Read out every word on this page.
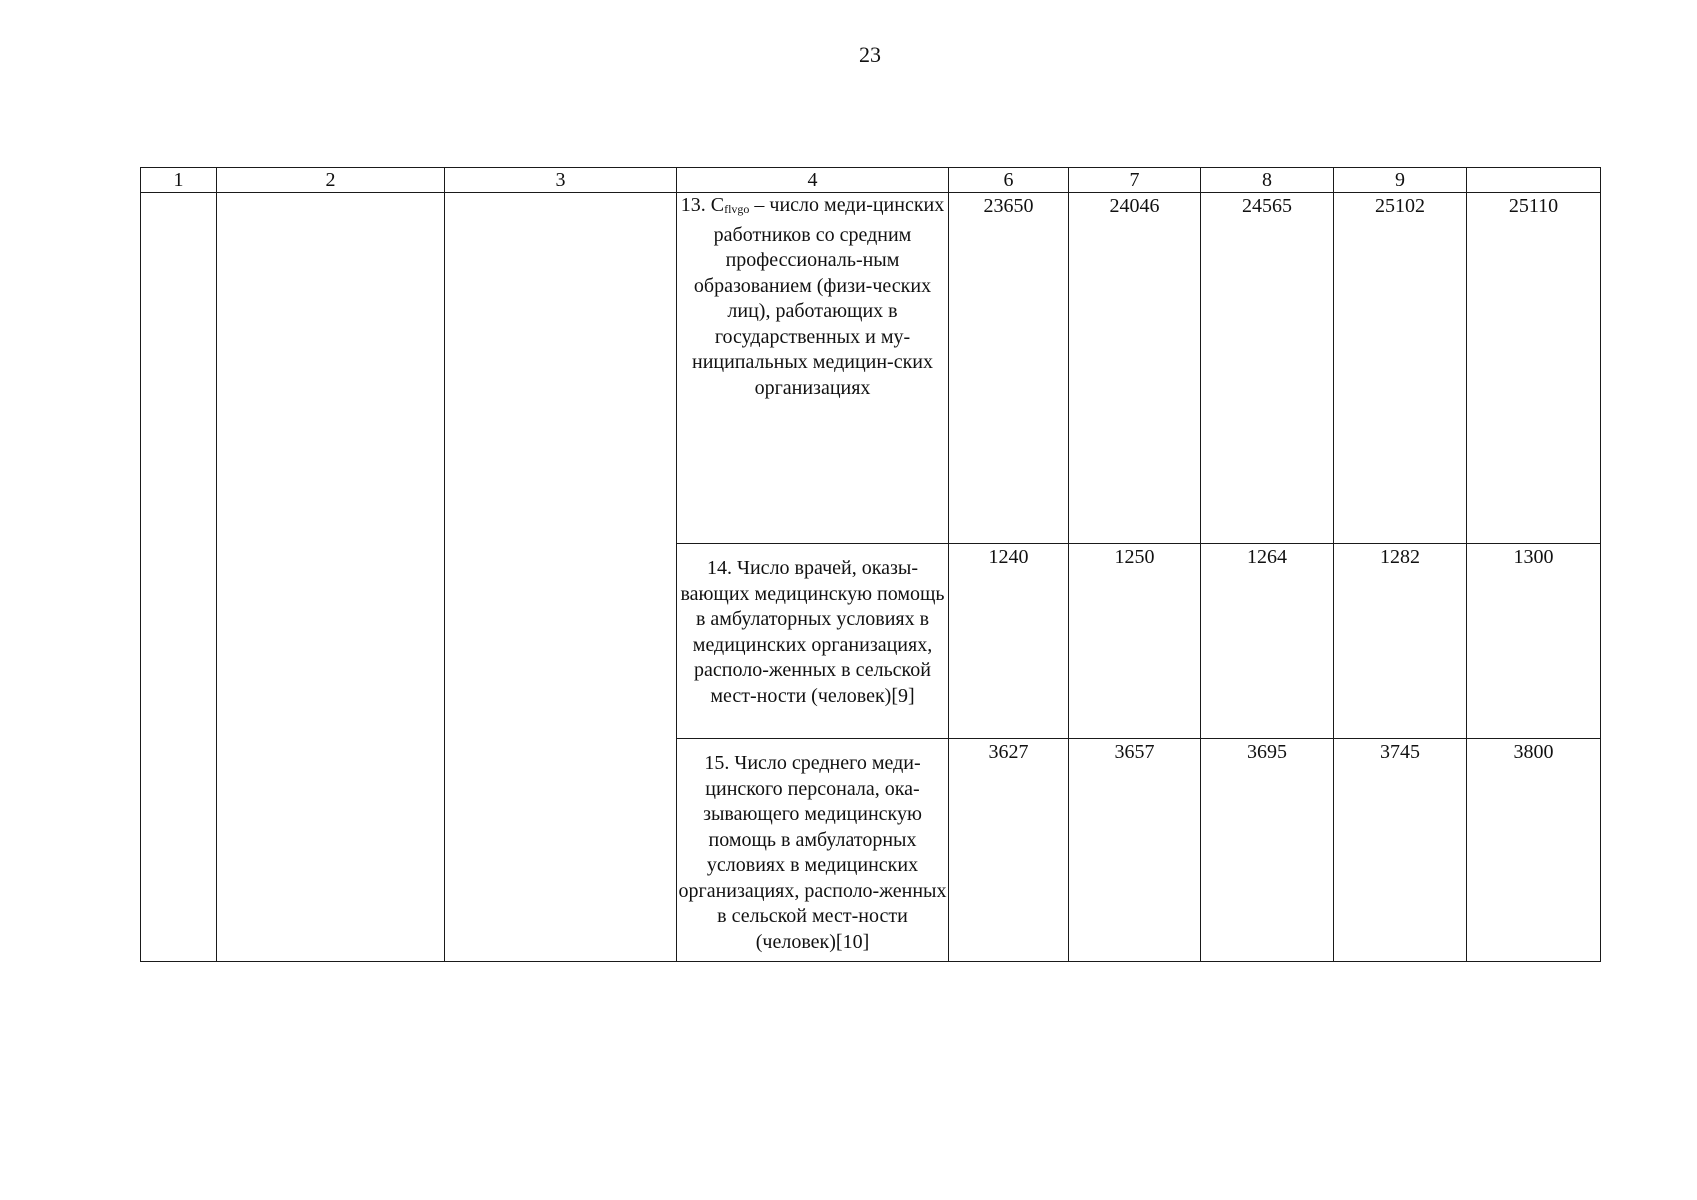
23
1	2	3	4	6	7	8	9	
			13. Cflvgo – число меди-цинских работников со средним профессиональ-ным образованием (физи-ческих лиц), работающих в государственных и му-ниципальных медицин-ских организациях	23650	24046	24565	25102	25110

			14. Число врачей, оказы-вающих медицинскую помощь в амбулаторных условиях в медицинских организациях, располо-женных в сельской мест-ности (человек)[9]	1240	1250	1264	1282	1300

			15. Число среднего меди-цинского персонала, ока-зывающего медицинскую помощь в амбулаторных условиях в медицинских организациях, располо-женных в сельской мест-ности (человек)[10]	3627	3657	3695	3745	3800
